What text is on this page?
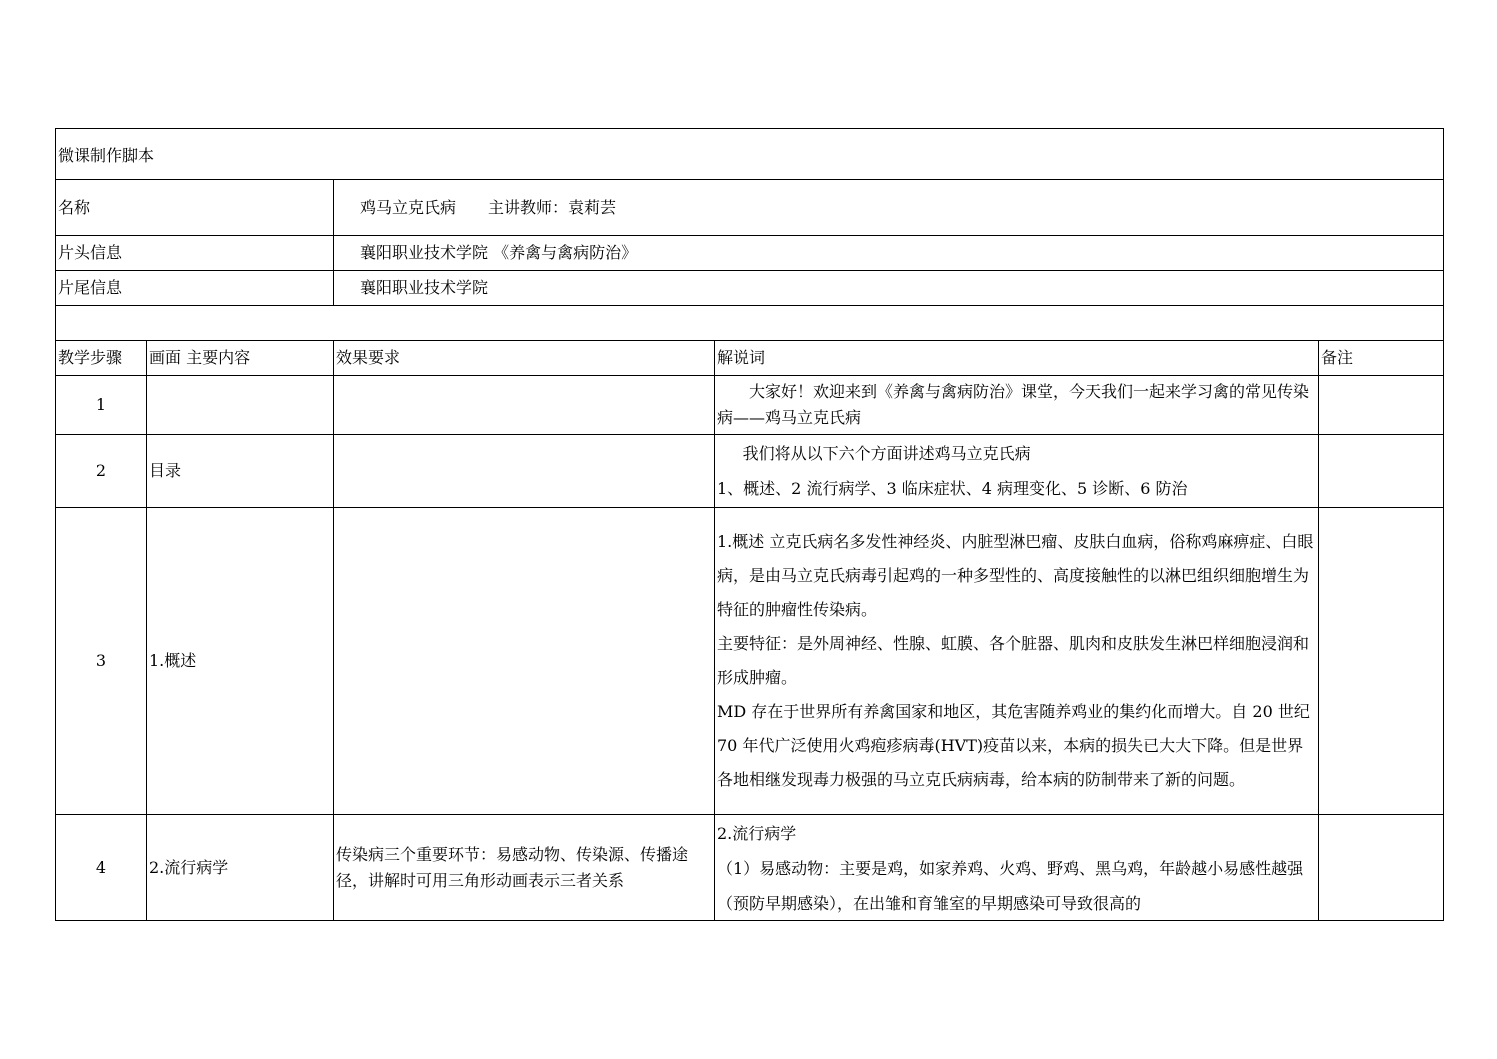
微课制作脚本				
名称		鸡马立克氏病　　主讲教师：袁莉芸		
片头信息		襄阳职业技术学院 《养禽与禽病防治》		
片尾信息		襄阳职业技术学院		

教学步骤	画面 主要内容	效果要求	解说词	备注
1			大家好！欢迎来到《养禽与禽病防治》课堂，今天我们一起来学习禽的常见传染病——鸡马立克氏病	

2	目录		我们将从以下六个方面讲述鸡马立克氏病

1、概述、2 流行病学、3 临床症状、4 病理变化、5 诊断、6 防治	

3	1.概述		1.概述 立克氏病名多发性神经炎、内脏型淋巴瘤、皮肤白血病，俗称鸡麻痹症、白眼病，是由马立克氏病毒引起鸡的一种多型性的、高度接触性的以淋巴组织细胞增生为特征的肿瘤性传染病。

主要特征：是外周神经、性腺、虹膜、各个脏器、肌肉和皮肤发生淋巴样细胞浸润和形成肿瘤。

MD 存在于世界所有养禽国家和地区，其危害随养鸡业的集约化而增大。自 20 世纪 70 年代广泛使用火鸡疱疹病毒(HVT)疫苗以来，本病的损失已大大下降。但是世界各地相继发现毒力极强的马立克氏病病毒，给本病的防制带来了新的问题。	

4	2.流行病学	传染病三个重要环节：易感动物、传染源、传播途径，讲解时可用三角形动画表示三者关系	2.流行病学

（1）易感动物：主要是鸡，如家养鸡、火鸡、野鸡、黑乌鸡，年龄越小易感性越强（预防早期感染），在出雏和育雏室的早期感染可导致很高的	
